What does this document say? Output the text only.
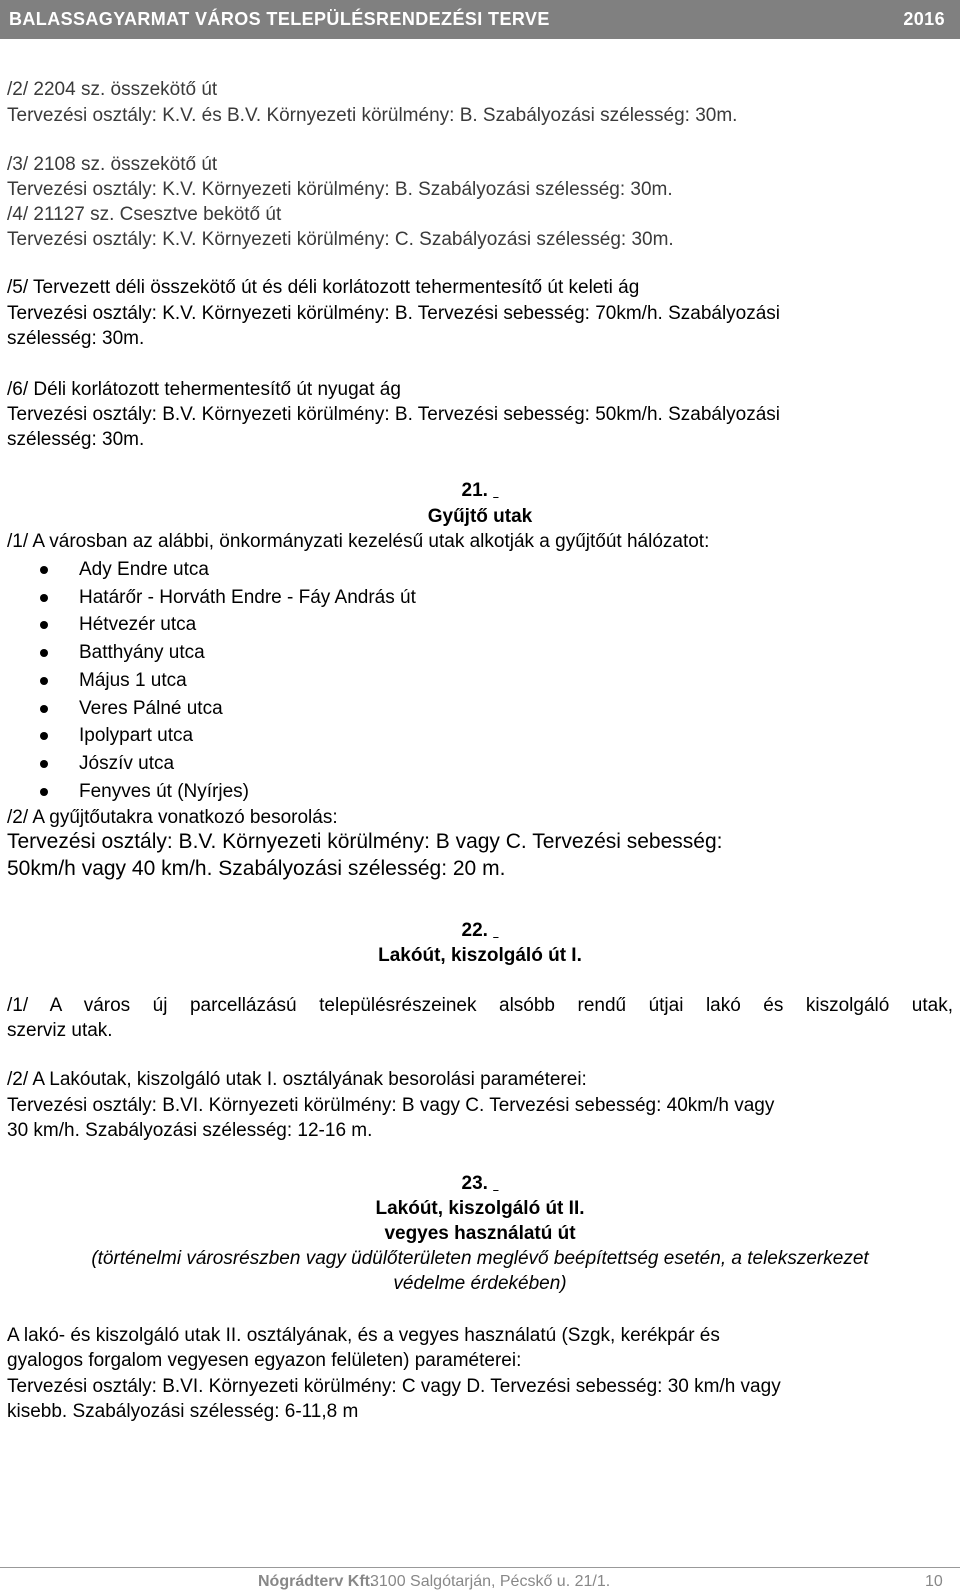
BALASSAGYARMAT VÁROS TELEPÜLÉSRENDEZÉSI TERVE	2016
/2/ 2204 sz. összekötő út
Tervezési osztály: K.V. és B.V. Környezeti körülmény: B. Szabályozási szélesség: 30m.
/3/ 2108 sz. összekötő út
Tervezési osztály: K.V. Környezeti körülmény: B. Szabályozási szélesség: 30m.
/4/ 21127 sz. Csesztve bekötő út
Tervezési osztály: K.V. Környezeti körülmény: C. Szabályozási szélesség: 30m.
/5/ Tervezett déli összekötő út és déli korlátozott tehermentesítő út keleti ág
Tervezési osztály: K.V. Környezeti körülmény: B. Tervezési sebesség: 70km/h. Szabályozási
szélesség: 30m.
/6/ Déli korlátozott tehermentesítő út nyugat ág
Tervezési osztály: B.V. Környezeti körülmény: B. Tervezési sebesség: 50km/h. Szabályozási
szélesség: 30m.
21.
Gyűjtő utak
/1/ A városban az alábbi, önkormányzati kezelésű utak alkotják a gyűjtőút hálózatot:
Ady Endre utca
Határőr - Horváth Endre - Fáy András út
Hétvezér utca
Batthyány utca
Május 1 utca
Veres Pálné utca
Ipolypart utca
Jószív utca
Fenyves út (Nyírjes)
/2/ A gyűjtőutakra vonatkozó besorolás:
Tervezési osztály: B.V. Környezeti körülmény: B vagy C. Tervezési sebesség:
50km/h vagy 40 km/h. Szabályozási szélesség: 20 m.
22.
Lakóút, kiszolgáló út I.
/1/ A város új parcellázású településrészeinek alsóbb rendű útjai lakó és kiszolgáló utak,
szerviz utak.
/2/ A Lakóutak, kiszolgáló utak I. osztályának besorolási paraméterei:
Tervezési osztály: B.VI. Környezeti körülmény: B vagy C. Tervezési sebesség: 40km/h vagy
30 km/h. Szabályozási szélesség: 12-16 m.
23.
Lakóút, kiszolgáló út II.
vegyes használatú út
(történelmi városrészben vagy üdülőterületen meglévő beépítettség esetén, a telekszerkezet
védelme érdekében)
A lakó- és kiszolgáló utak II. osztályának, és a vegyes használatú (Szgk, kerékpár és
gyalogos forgalom vegyesen egyazon felületen) paraméterei:
Tervezési osztály: B.VI. Környezeti körülmény: C vagy D. Tervezési sebesség: 30 km/h vagy
kisebb. Szabályozási szélesség: 6-11,8 m
Nógrádterv Kft.
3100 Salgótarján, Pécskő u. 21/1.	10
